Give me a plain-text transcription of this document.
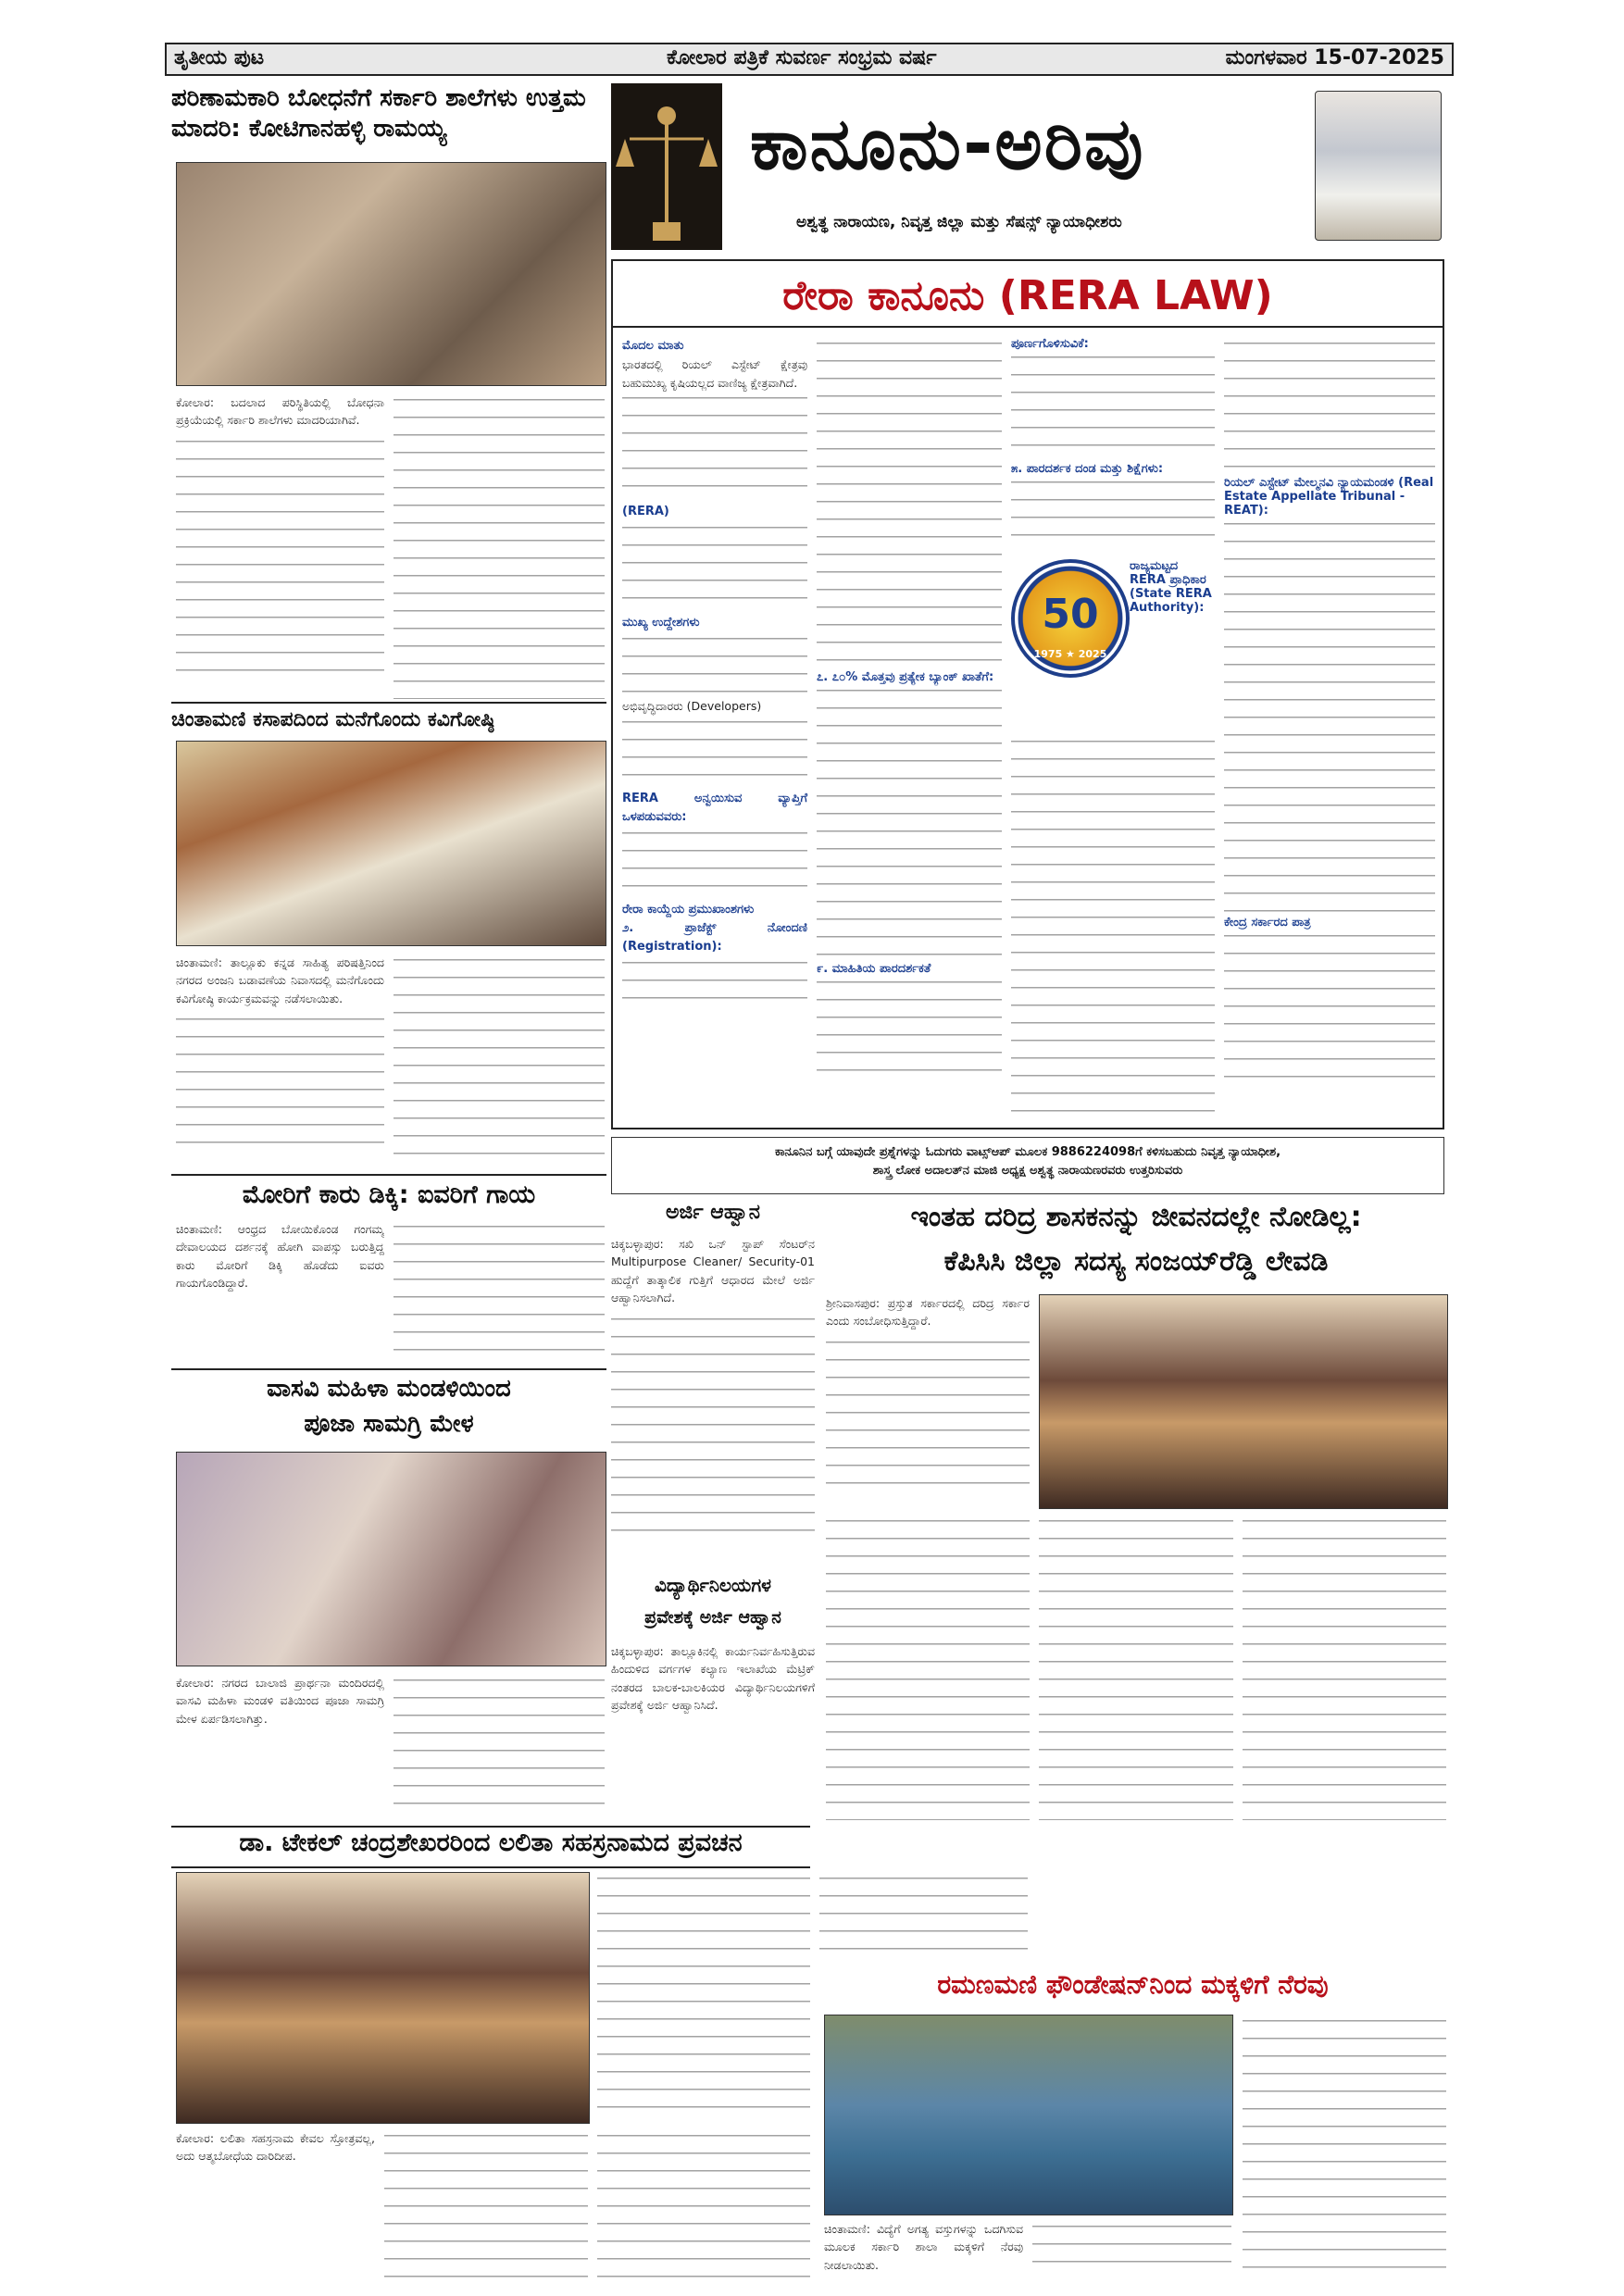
ತೃತೀಯ ಪುಟ	ಕೋಲಾರ ಪತ್ರಿಕೆ ಸುವರ್ಣ ಸಂಭ್ರಮ ವರ್ಷ	ಮಂಗಳವಾರ 15-07-2025
ಪರಿಣಾಮಕಾರಿ ಬೋಧನೆಗೆ ಸರ್ಕಾರಿ ಶಾಲೆಗಳು ಉತ್ತಮ ಮಾದರಿ: ಕೋಟಿಗಾನಹಳ್ಳಿ ರಾಮಯ್ಯ
ಕೋಲಾರ: ಬದಲಾದ ಪರಿಸ್ಥಿತಿಯಲ್ಲಿ ಬೋಧನಾ ಪ್ರಕ್ರಿಯೆಯಲ್ಲಿ ಸರ್ಕಾರಿ ಶಾಲೆಗಳು ಮಾದರಿಯಾಗಿವೆ.
ಚಿಂತಾಮಣಿ ಕಸಾಪದಿಂದ ಮನೆಗೊಂದು ಕವಿಗೋಷ್ಠಿ
ಚಿಂತಾಮಣಿ: ತಾಲ್ಲೂಕು ಕನ್ನಡ ಸಾಹಿತ್ಯ ಪರಿಷತ್ತಿನಿಂದ ನಗರದ ಅಂಜನಿ ಬಡಾವಣೆಯ ನಿವಾಸದಲ್ಲಿ ಮನೆಗೊಂದು ಕವಿಗೋಷ್ಠಿ ಕಾರ್ಯಕ್ರಮವನ್ನು ನಡೆಸಲಾಯಿತು.
ಮೋರಿಗೆ ಕಾರು ಡಿಕ್ಕಿ: ಐವರಿಗೆ ಗಾಯ
ಚಿಂತಾಮಣಿ: ಆಂಧ್ರದ ಬೋಯಿಕೊಂಡ ಗಂಗಮ್ಮ ದೇವಾಲಯದ ದರ್ಶನಕ್ಕೆ ಹೋಗಿ ವಾಪಸ್ಸು ಬರುತ್ತಿದ್ದ ಕಾರು ಮೋರಿಗೆ ಡಿಕ್ಕಿ ಹೊಡೆದು ಐವರು ಗಾಯಗೊಂಡಿದ್ದಾರೆ.
ವಾಸವಿ ಮಹಿಳಾ ಮಂಡಳಿಯಿಂದ
ಪೂಜಾ ಸಾಮಗ್ರಿ ಮೇಳ
ಕೋಲಾರ: ನಗರದ ಬಾಲಾಜಿ ಪ್ರಾರ್ಥನಾ ಮಂದಿರದಲ್ಲಿ ವಾಸವಿ ಮಹಿಳಾ ಮಂಡಳಿ ವತಿಯಿಂದ ಪೂಜಾ ಸಾಮಗ್ರಿ ಮೇಳ ಏರ್ಪಡಿಸಲಾಗಿತ್ತು.
ಕಾನೂನು-ಅರಿವು
ಅಶ್ವತ್ಥ ನಾರಾಯಣ, ನಿವೃತ್ತ ಜಿಲ್ಲಾ ಮತ್ತು ಸೆಷನ್ಸ್ ನ್ಯಾಯಾಧೀಶರು
ರೇರಾ ಕಾನೂನು (RERA LAW)
ಮೊದಲ ಮಾತು
ಭಾರತದಲ್ಲಿ ರಿಯಲ್ ಎಸ್ಟೇಟ್ ಕ್ಷೇತ್ರವು ಬಹುಮುಖ್ಯ ಕೃಷಿಯಲ್ಲದ ವಾಣಿಜ್ಯ ಕ್ಷೇತ್ರವಾಗಿದೆ.
(RERA)
ಮುಖ್ಯ ಉದ್ದೇಶಗಳು
ಅಭಿವೃದ್ಧಿದಾರರು (Developers)
RERA ಅನ್ವಯಿಸುವ ವ್ಯಾಪ್ತಿಗೆ ಒಳಪಡುವವರು:
ರೇರಾ ಕಾಯ್ದೆಯ ಪ್ರಮುಖಾಂಶಗಳು
೨. ಪ್ರಾಜೆಕ್ಟ್ ನೋಂದಣಿ (Registration):
೭. ೭೦% ಮೊತ್ತವು ಪ್ರತ್ಯೇಕ ಬ್ಯಾಂಕ್ ಖಾತೆಗೆ:
೯. ಮಾಹಿತಿಯ ಪಾರದರ್ಶಕತೆ
ಪೂರ್ಣಗೊಳಿಸುವಿಕೆ:
೫. ಪಾರದರ್ಶಕ ದಂಡ ಮತ್ತು ಶಿಕ್ಷೆಗಳು:
50
1975 ★ 2025
ರಾಜ್ಯಮಟ್ಟದ RERA ಪ್ರಾಧಿಕಾರ (State RERA Authority):
ರಿಯಲ್ ಎಸ್ಟೇಟ್ ಮೇಲ್ಮನವಿ ನ್ಯಾಯಮಂಡಳಿ (Real Estate Appellate Tribunal - REAT):
ಕೇಂದ್ರ ಸರ್ಕಾರದ ಪಾತ್ರ
ಕಾನೂನಿನ ಬಗ್ಗೆ ಯಾವುದೇ ಪ್ರಶ್ನೆಗಳನ್ನು ಓದುಗರು ವಾಟ್ಸ್‌ಆಪ್ ಮೂಲಕ 9886224098ಗೆ ಕಳಿಸಬಹುದು ನಿವೃತ್ತ ನ್ಯಾಯಾಧೀಶ,
ಶಾಸ್ತ್ರ ಲೋಕ ಅದಾಲತ್‌ನ ಮಾಜಿ ಅಧ್ಯಕ್ಷ ಅಶ್ವತ್ಥ ನಾರಾಯಣರವರು ಉತ್ತರಿಸುವರು
ಅರ್ಜಿ ಆಹ್ವಾನ
ಚಿಕ್ಕಬಳ್ಳಾಪುರ: ಸಖಿ ಒನ್ ಸ್ಟಾಪ್ ಸೆಂಟರ್‌ನ Multipurpose Cleaner/ Security-01 ಹುದ್ದೆಗೆ ತಾತ್ಕಾಲಿಕ ಗುತ್ತಿಗೆ ಆಧಾರದ ಮೇಲೆ ಅರ್ಜಿ ಆಹ್ವಾನಿಸಲಾಗಿದೆ.
ವಿದ್ಯಾರ್ಥಿನಿಲಯಗಳ
ಪ್ರವೇಶಕ್ಕೆ ಅರ್ಜಿ ಆಹ್ವಾನ
ಚಿಕ್ಕಬಳ್ಳಾಪುರ: ತಾಲ್ಲೂಕಿನಲ್ಲಿ ಕಾರ್ಯನಿರ್ವಹಿಸುತ್ತಿರುವ ಹಿಂದುಳಿದ ವರ್ಗಗಳ ಕಲ್ಯಾಣ ಇಲಾಖೆಯ ಮೆಟ್ರಿಕ್ ನಂತರದ ಬಾಲಕ-ಬಾಲಕಿಯರ ವಿದ್ಯಾರ್ಥಿನಿಲಯಗಳಿಗೆ ಪ್ರವೇಶಕ್ಕೆ ಅರ್ಜಿ ಆಹ್ವಾನಿಸಿದೆ.
ಇಂತಹ ದರಿದ್ರ ಶಾಸಕನನ್ನು ಜೀವನದಲ್ಲೇ ನೋಡಿಲ್ಲ:
ಕೆಪಿಸಿಸಿ ಜಿಲ್ಲಾ ಸದಸ್ಯ ಸಂಜಯ್‌ರೆಡ್ಡಿ ಲೇವಡಿ
ಶ್ರೀನಿವಾಸಪುರ: ಪ್ರಸ್ತುತ ಸರ್ಕಾರದಲ್ಲಿ ದರಿದ್ರ ಸರ್ಕಾರ ಎಂದು ಸಂಬೋಧಿಸುತ್ತಿದ್ದಾರೆ.
ಡಾ. ಟೇಕಲ್ ಚಂದ್ರಶೇಖರರಿಂದ ಲಲಿತಾ ಸಹಸ್ರನಾಮದ ಪ್ರವಚನ
ಕೋಲಾರ: ಲಲಿತಾ ಸಹಸ್ರನಾಮ ಕೇವಲ ಸ್ತೋತ್ರವಲ್ಲ, ಅದು ಆತ್ಮಬೋಧೆಯ ದಾರಿದೀಪ.
ರಮಣಮಣಿ ಫೌಂಡೇಷನ್‌ನಿಂದ ಮಕ್ಕಳಿಗೆ ನೆರವು
ಚಿಂತಾಮಣಿ: ವಿದ್ಯೆಗೆ ಅಗತ್ಯ ವಸ್ತುಗಳನ್ನು ಒದಗಿಸುವ ಮೂಲಕ ಸರ್ಕಾರಿ ಶಾಲಾ ಮಕ್ಕಳಿಗೆ ನೆರವು ನೀಡಲಾಯಿತು.
